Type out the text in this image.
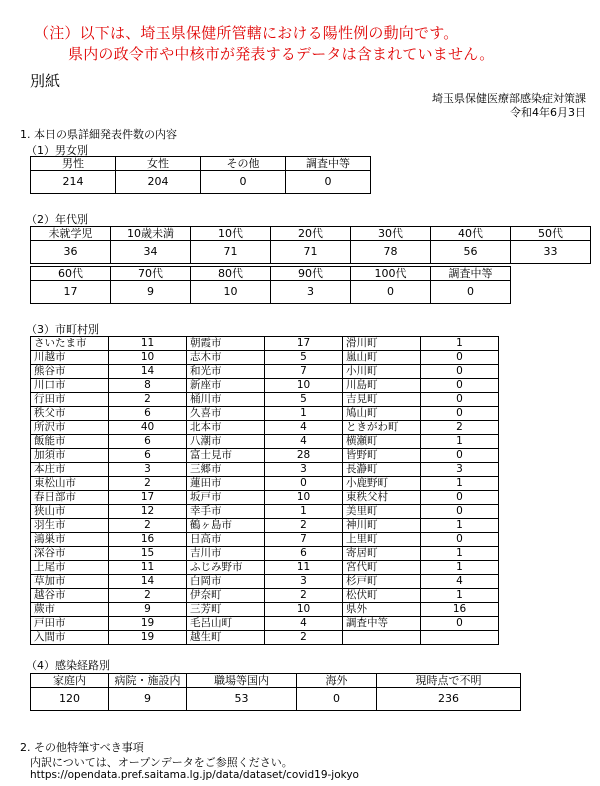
（注）以下は、埼玉県保健所管轄における陽性例の動向です。
県内の政令市や中核市が発表するデータは含まれていません。
別紙
埼玉県保健医療部感染症対策課
令和4年6月3日
1. 本日の県詳細発表件数の内容
（1）男女別
男性	女性	その他	調査中等
214	204	0	0
（2）年代別
未就学児	10歳未満	10代	20代	30代	40代	50代
36	34	71	71	78	56	33
60代	70代	80代	90代	100代	調査中等
17	9	10	3	0	0
（3）市町村別
さいたま市	11	朝霞市	17	滑川町	1
川越市	10	志木市	5	嵐山町	0
熊谷市	14	和光市	7	小川町	0
川口市	8	新座市	10	川島町	0
行田市	2	桶川市	5	吉見町	0
秩父市	6	久喜市	1	鳩山町	0
所沢市	40	北本市	4	ときがわ町	2
飯能市	6	八潮市	4	横瀬町	1
加須市	6	富士見市	28	皆野町	0
本庄市	3	三郷市	3	長瀞町	3
東松山市	2	蓮田市	0	小鹿野町	1
春日部市	17	坂戸市	10	東秩父村	0
狭山市	12	幸手市	1	美里町	0
羽生市	2	鶴ヶ島市	2	神川町	1
鴻巣市	16	日高市	7	上里町	0
深谷市	15	吉川市	6	寄居町	1
上尾市	11	ふじみ野市	11	宮代町	1
草加市	14	白岡市	3	杉戸町	4
越谷市	2	伊奈町	2	松伏町	1
蕨市	9	三芳町	10	県外	16
戸田市	19	毛呂山町	4	調査中等	0
入間市	19	越生町	2		
（4）感染経路別
家庭内	病院・施設内	職場等国内	海外	現時点で不明
120	9	53	0	236
2. その他特筆すべき事項
内訳については、オープンデータをご参照ください。
https://opendata.pref.saitama.lg.jp/data/dataset/covid19-jokyo
